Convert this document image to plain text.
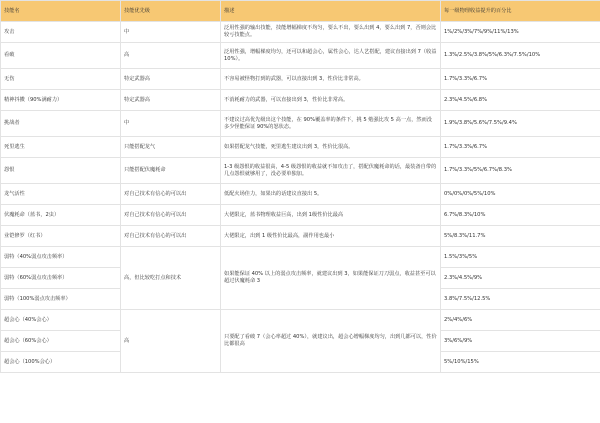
技能名	技能优先级	描述	每一级物理收益提升的百分比
攻击	中	泛用性强的输出技能，技能增幅梯度不均匀，要么不出，要么出到 4，要么出到 7，否则会比较亏技能点。	1%/2%/3%/7%/9%/11%/13%
看破	高	泛用性强，增幅梯度均匀，还可以和超会心，属性会心，达人艺搭配，建议直接出到 7（收益 10%）。	1.3%/2.5%/3.8%/5%/6.3%/7.5%/10%
无伤	特定武器高	不容易被怪物打到的武器，可以直接出到 3，性价比非常高。	1.7%/3.3%/6.7%
精神抖擞（90%满耐力）	特定武器高	不消耗耐力的武器，可以直接出到 3，性价比非常高。	2.3%/4.5%/6.8%
挑战者	中	不建议过高优先级出这个技能，在 90%覆盖率的条件下，挑 5 勉强比攻 5 高一点，然而没多少怪能保证 90%的怒状态。	1.9%/3.8%/5.6%/7.5%/9.4%
死里逃生	只能搭配龙气	如果搭配龙气技能，死里逃生建议出到 3，性价比很高。	1.7%/3.3%/6.7%
怨恨	只能搭配伏魔耗命	1-3 级怨恨的收益很高，4-5 级怨恨的收益就不如攻击了，搭配伏魔耗命的话，最装备自带的几点怨恨就够用了，没必要单独加。	1.7%/3.3%/5%/6.7%/8.3%
龙气活性	对自己技术有信心的可以出	低配火场佳力，如果出的话建议直接出 5。	0%/0%/0%/5%/10%
伏魔耗命（蓝书，2虫）	对自己技术有信心的可以出	大佬限定，蓝书物理收益巨高，出到 1级性价比最高	6.7%/8.3%/10%
业铠修罗（红书）	对自己技术有信心的可以出	大佬限定，出到 1 级性价比最高，副作用也最小	5%/8.3%/11.7%
弱特（40%弱点攻击频率）	高，但比较吃打点和技术	如果能保证 40% 以上的弱点攻击频率，就建议出到 3，如果能保证刀刀弱点，收益甚至可以超过伏魔耗命 3	1.5%/3%/5%
弱特（60%弱点攻击频率）			2.3%/4.5%/9%
弱特（100%弱点攻击频率）			3.8%/7.5%/12.5%
超会心（40%会心）	高	只要配了看破 7（会心率超过 40%），就建议出，超会心增幅梯度均匀，出到几都可以，性价比都很高	2%/4%/6%
超会心（60%会心）			3%/6%/9%
超会心（100%会心）			5%/10%/15%
